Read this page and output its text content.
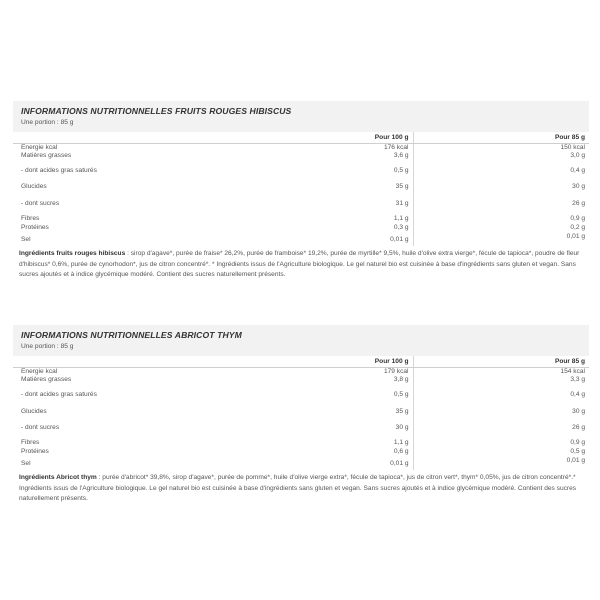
INFORMATIONS NUTRITIONNELLES FRUITS ROUGES HIBISCUS
Une portion : 85 g
	Pour 100 g	Pour 85 g
Energie kcal	176 kcal	150 kcal
Matières grasses	3,6 g	3,0 g
- dont acides gras saturés	0,5 g	0,4 g
Glucides	35 g	30 g
- dont sucres	31 g	26 g
Fibres	1,1 g	0,9 g
Protéines	0,3 g	0,2 g
Sel	0,01 g	0,01 g

Ingrédients fruits rouges hibiscus : sirop d'agave*, purée de fraise* 26,2%, purée de framboise* 19,2%, purée de myrtille* 9,5%, huile d'olive extra vierge*, fécule de tapioca*, poudre de fleur d'hibiscus* 0,6%, purée de cynorhodon*, jus de citron concentré*. * Ingrédients issus de l'Agriculture biologique. Le gel naturel bio est cuisinée à base d'ingrédients sans gluten et vegan. Sans sucres ajoutés et à indice glycémique modéré. Contient des sucres naturellement présents.

INFORMATIONS NUTRITIONNELLES ABRICOT THYM
Une portion : 85 g
	Pour 100 g	Pour 85 g
Energie kcal	179 kcal	154 kcal
Matières grasses	3,8 g	3,3 g
- dont acides gras saturés	0,5 g	0,4 g
Glucides	35 g	30 g
- dont sucres	30 g	26 g
Fibres	1,1 g	0,9 g
Protéines	0,6 g	0,5 g
Sel	0,01 g	0,01 g

Ingrédients Abricot thym : purée d'abricot* 39,8%, sirop d'agave*, purée de pomme*, huile d'olive vierge extra*, fécule de tapioca*, jus de citron vert*, thym* 0,05%, jus de citron concentré*.* Ingrédients issus de l'Agriculture biologique. Le gel naturel bio est cuisinée à base d'ingrédients sans gluten et vegan. Sans sucres ajoutés et à indice glycémique modéré. Contient des sucres naturellement présents.
